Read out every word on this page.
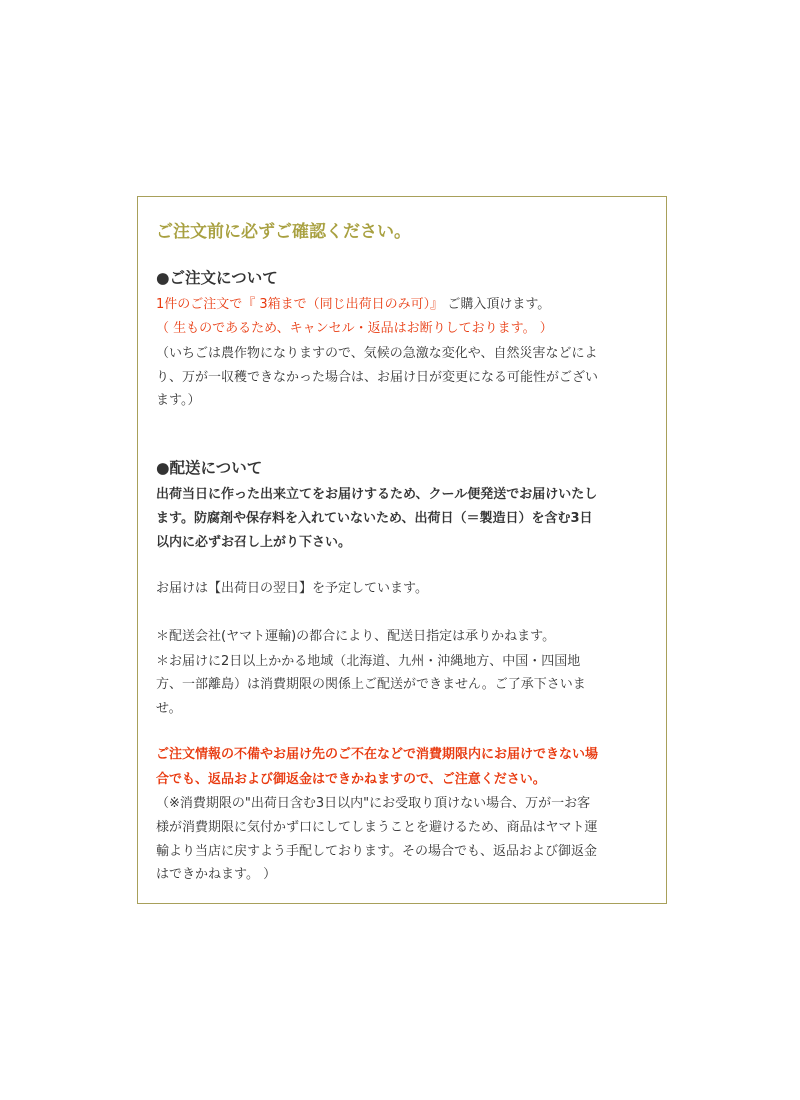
ご注文前に必ずご確認ください。
●ご注文について

1件のご注文で『 3箱まで（同じ出荷日のみ可）』 ご購入頂けます。

（ 生ものであるため、キャンセル・返品はお断りしております。 ）

（いちごは農作物になりますので、気候の急激な変化や、自然災害などによ

り、万が一収穫できなかった場合は、お届け日が変更になる可能性がござい

ます。）

●配送について

出荷当日に作った出来立てをお届けするため、クール便発送でお届けいたし

ます。防腐剤や保存料を入れていないため、出荷日（＝製造日）を含む3日

以内に必ずお召し上がり下さい。

お届けは【出荷日の翌日】を予定しています。

＊配送会社(ヤマト運輸)の都合により、配送日指定は承りかねます。

＊お届けに2日以上かかる地域（北海道、九州・沖縄地方、中国・四国地

方、一部離島）は消費期限の関係上ご配送ができません。ご了承下さいま

せ。

ご注文情報の不備やお届け先のご不在などで消費期限内にお届けできない場

合でも、返品および御返金はできかねますので、ご注意ください。

（※消費期限の"出荷日含む3日以内"にお受取り頂けない場合、万が一お客

様が消費期限に気付かず口にしてしまうことを避けるため、商品はヤマト運

輸より当店に戻すよう手配しております。その場合でも、返品および御返金

はできかねます。 ）
